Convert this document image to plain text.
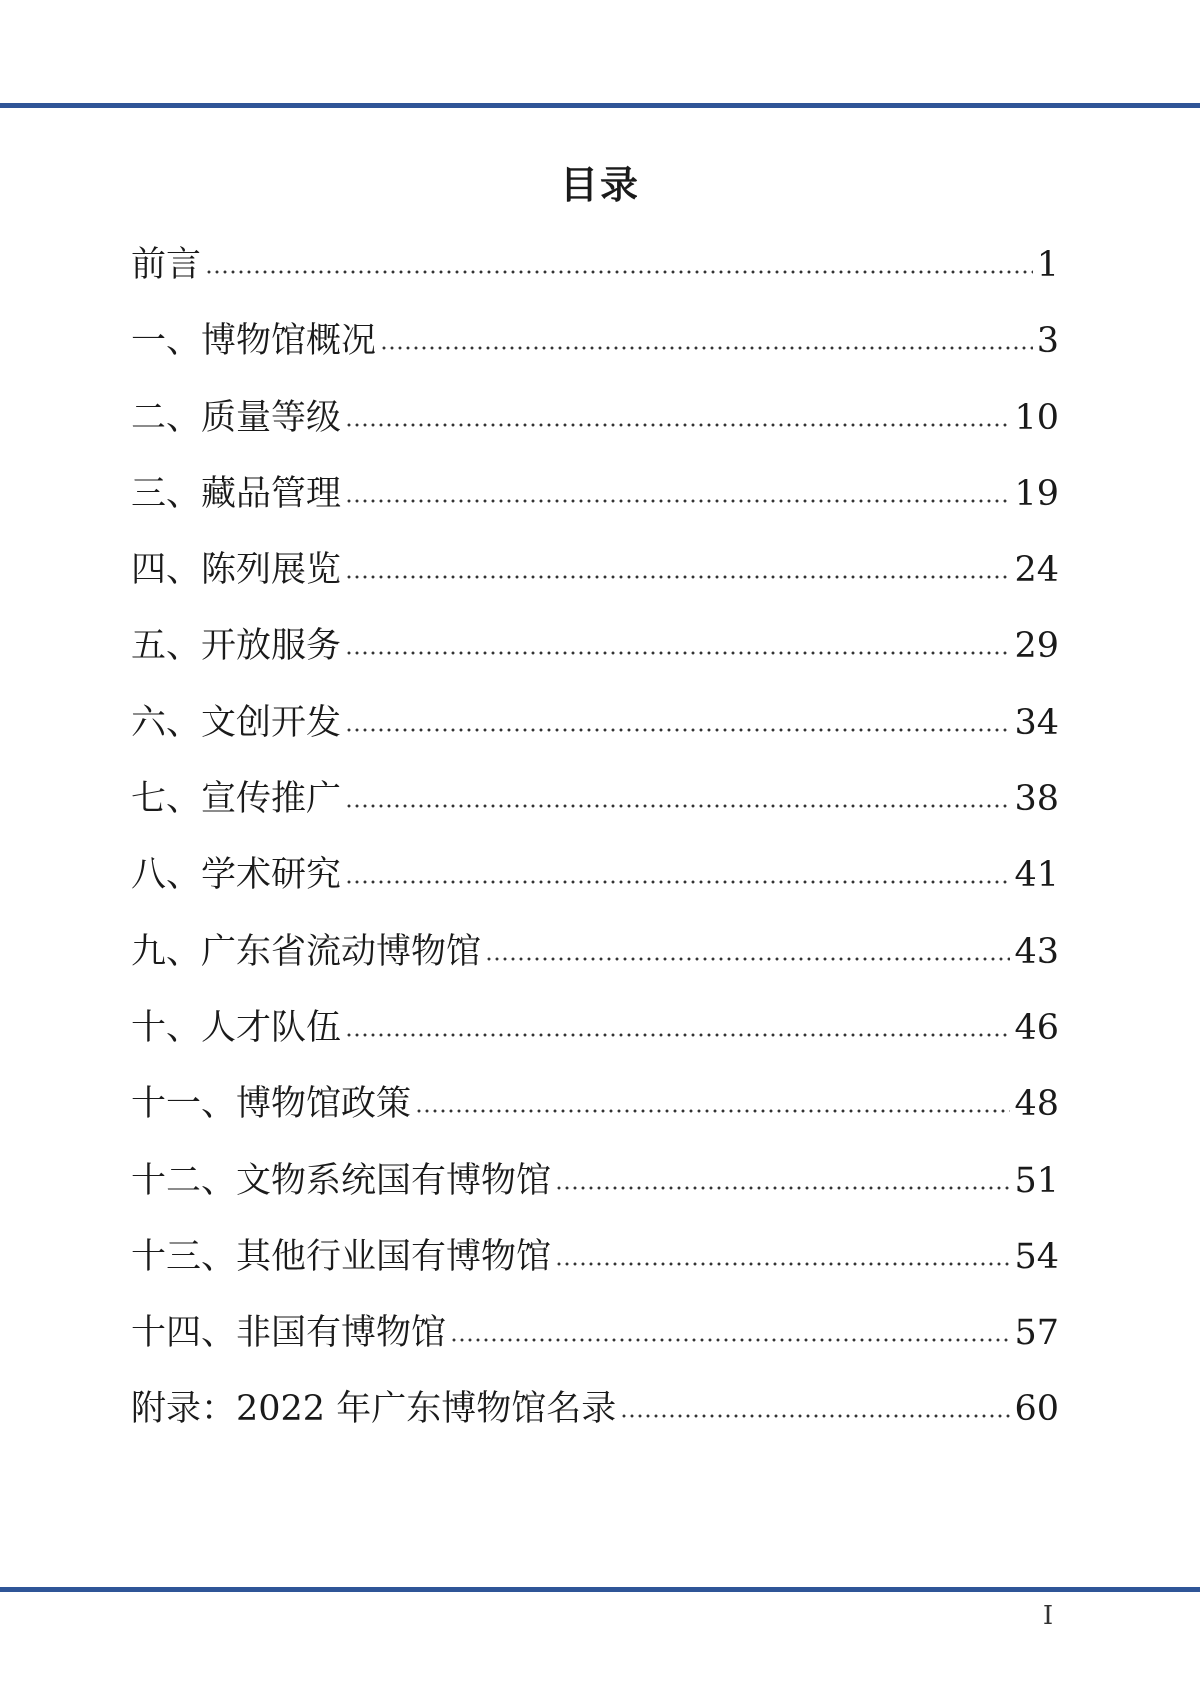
目录
前言	1
一、博物馆概况	3
二、质量等级	10
三、藏品管理	19
四、陈列展览	24
五、开放服务	29
六、文创开发	34
七、宣传推广	38
八、学术研究	41
九、广东省流动博物馆	43
十、人才队伍	46
十一、博物馆政策	48
十二、文物系统国有博物馆	51
十三、其他行业国有博物馆	54
十四、非国有博物馆	57
附录：2022 年广东博物馆名录	60
I
